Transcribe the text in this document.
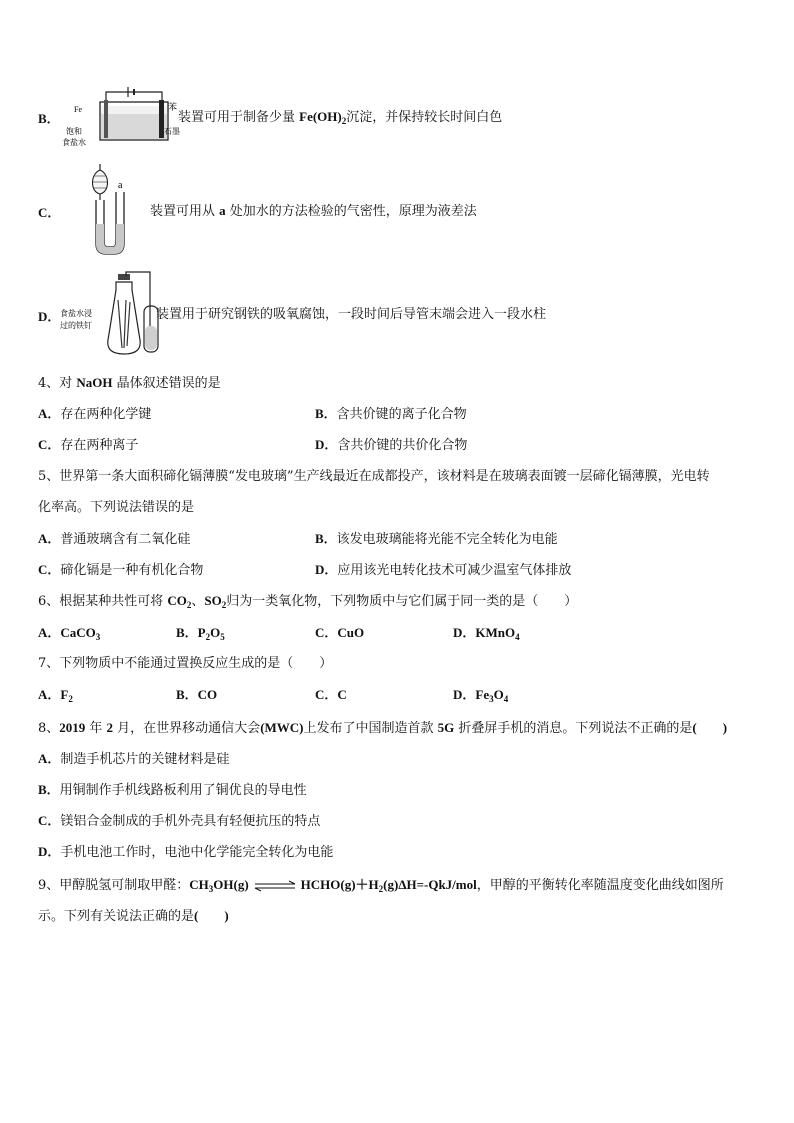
B．
Fe	苯
饱和
食盐水
石墨
装置可用于制备少量 $Fe(OH)_2$沉淀，并保持较长时间白色
C．
a
装置可用从 a 处加水的方法检验的气密性，原理为液差法
D． 食盐水浸
过的铁钉
装置用于研究钢铁的吸氧腐蚀，一段时间后导管末端会进入一段水柱
4、对 NaOH 晶体叙述错误的是
A．存在两种化学键	B．含共价键的离子化合物
C．存在两种离子	D．含共价键的共价化合物
5、世界第一条大面积碲化镉薄膜“发电玻璃”生产线最近在成都投产，该材料是在玻璃表面镀一层碲化镉薄膜，光电转
化率高。下列说法错误的是
A．普通玻璃含有二氧化硅	B．该发电玻璃能将光能不完全转化为电能
C．碲化镉是一种有机化合物	D．应用该光电转化技术可减少温室气体排放
6、根据某种共性可将 $CO_2$、$SO_2$归为一类氧化物，下列物质中与它们属于同一类的是（　　）
A．CaCO$_3$	B．$P_2O_5$	C．CuO	D．KMnO$_4$
7、下列物质中不能通过置换反应生成的是（　　）
A．$F_2$	B．CO	C．C	D．$Fe_3O_4$
8、2019 年 2 月，在世界移动通信大会(MWC)上发布了中国制造首款 5G 折叠屏手机的消息。下列说法不正确的是(　　)
A．制造手机芯片的关键材料是硅
B．用铜制作手机线路板利用了铜优良的导电性
C．镁铝合金制成的手机外壳具有轻便抗压的特点
D．手机电池工作时，电池中化学能完全转化为电能
9、甲醇脱氢可制取甲醛：$CH_3OH(g)$ ⇌ $HCHO(g)+H_2(g)\Delta H=-QkJ$/mol，甲醇的平衡转化率随温度变化曲线如图所
示。下列有关说法正确的是(　　)
